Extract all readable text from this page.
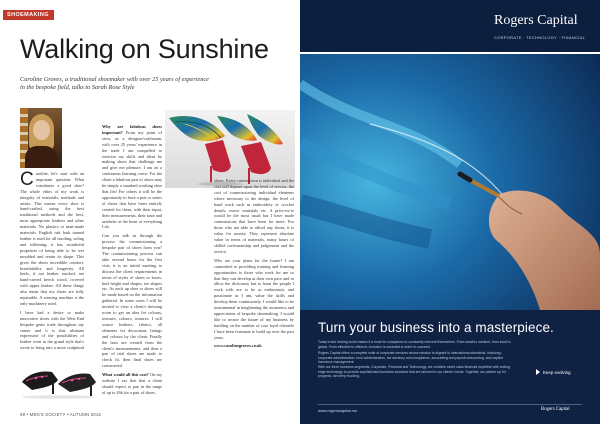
SHOEMAKING
Walking on Sunshine
Caroline Groves, a traditional shoemaker with over 25 years of experience in the bespoke field, talks to Sarah Rose Style

Caroline, let's start with an important question: What constitutes a good shoe? The whole ethos of my work is integrity of materials, methods and artists. This means every shoe is hand-crafted, using the best traditional methods and the best, most appropriate leathers and other materials. No plastics or man-made materials. English oak bark tanned leather is used for all insoling, soling and stiffening; it has wonderful properties of being able to be wet moulded and retain its shape. This gives the shoes incredible comfort, breathability and longevity. All heels, if not leather stacked, are hand-carved beech wood, covered with upper leather. All these things also mean that my shoes are fully repairable. A wearing machine is the only machinery used.

I have had a desire to make innovative shoes with the West End bespoke gents trade throughout my career and it is that ultimate expression of the possibilities of leather even in the grand style that's wrote to bring into a more sculptural

Why are fabulous shoes important? From my point of view, as a designer/craftsman, with over 25 years' experience in the trade I am compelled to exercise my skills and ideas by making shoes that challenge me and give me pleasure. I am on a continuous learning curve. For the client a fabulous pair of shoes may be simply a standard working shoe that fits! For others it will be the opportunity to have a pair or series of shoes that have been entirely created for them, with their input, their measurements, their taste and aesthetic at the heart of everything I do.

Can you talk us through the process the commissioning a bespoke pair of shoes from you? The commissioning process can take several hours for the first visit; it is an initial meeting to discuss the client requirements in terms of styles of shoes or boots, heel height and shapes, toe shapes etc. As each up shoe or shoes will be made based on the information gathered. In some cases I will be invited to view a client's dressing room to get an idea for colours, textures, colours, textures. I will source leathers, fabrics, all elements for decoration, linings and colours by the client. Finally the lasts are created from the client's measurements, and then a pair of trial shoes are made to check fit, then final shoes are constructed.

What would all this cost? On my website I say that that a client should expect to pay in the range of up to £6k for a pair of shoes.

shoes. Every commission is individual and the cost will depend upon the level of service, the cost of commissioning individual elements where necessary to the design, the level of hand work such as embroidery or crochet details, exotic materials etc. A price-ex-to would be the most usual but I have made commissions that have been far more. For those who are able to afford any shoes, it is value for money. They represent absolute value in terms of materials, many hours of skilled craftsmanship and judgement and the service.

Who are your plans for the future? I am committed to providing training and learning opportunities to those who work for me so that they can develop at their own pace and to allow the dictionary but to learn the people I work with are to be as enthusiastic and passionate as I am, value the skills and develop them continuously. I would like to be instrumental in heightening the awareness and appreciation of bespoke shoemaking. I would like to secure the future of my business by building on the number of core loyal clientele I have been fortunate to build up over the past years.

www.carolinegroves.co.uk

98 • MEN'S SOCIETY • AUTUMN 2015
Rogers Capital
CORPORATE · TECHNOLOGY · FINANCIAL
Turn your business into a masterpiece.
Today's fast moving world makes it a must for companies to constantly reinvent themselves. From small to medium, from local to global. From effective to efficient, evolution is essential in order to succeed.
Rogers Capital offers a complete suite of corporate services whose mission is aligned to international standards, including: corporate administration, fund administration, tax advisory and compliance, accounting and payroll outsourcing, and captive insurance management.
With our three business segments, Corporate, Financial and Technology, we combine world class financial expertise with cutting edge technology to provide sophisticated business solutions that are tailored to our clients' needs. Together, we partner up for progress, we keep evolving.
Keep evolving
www.rogerscapital.mu	Rogers Capital
